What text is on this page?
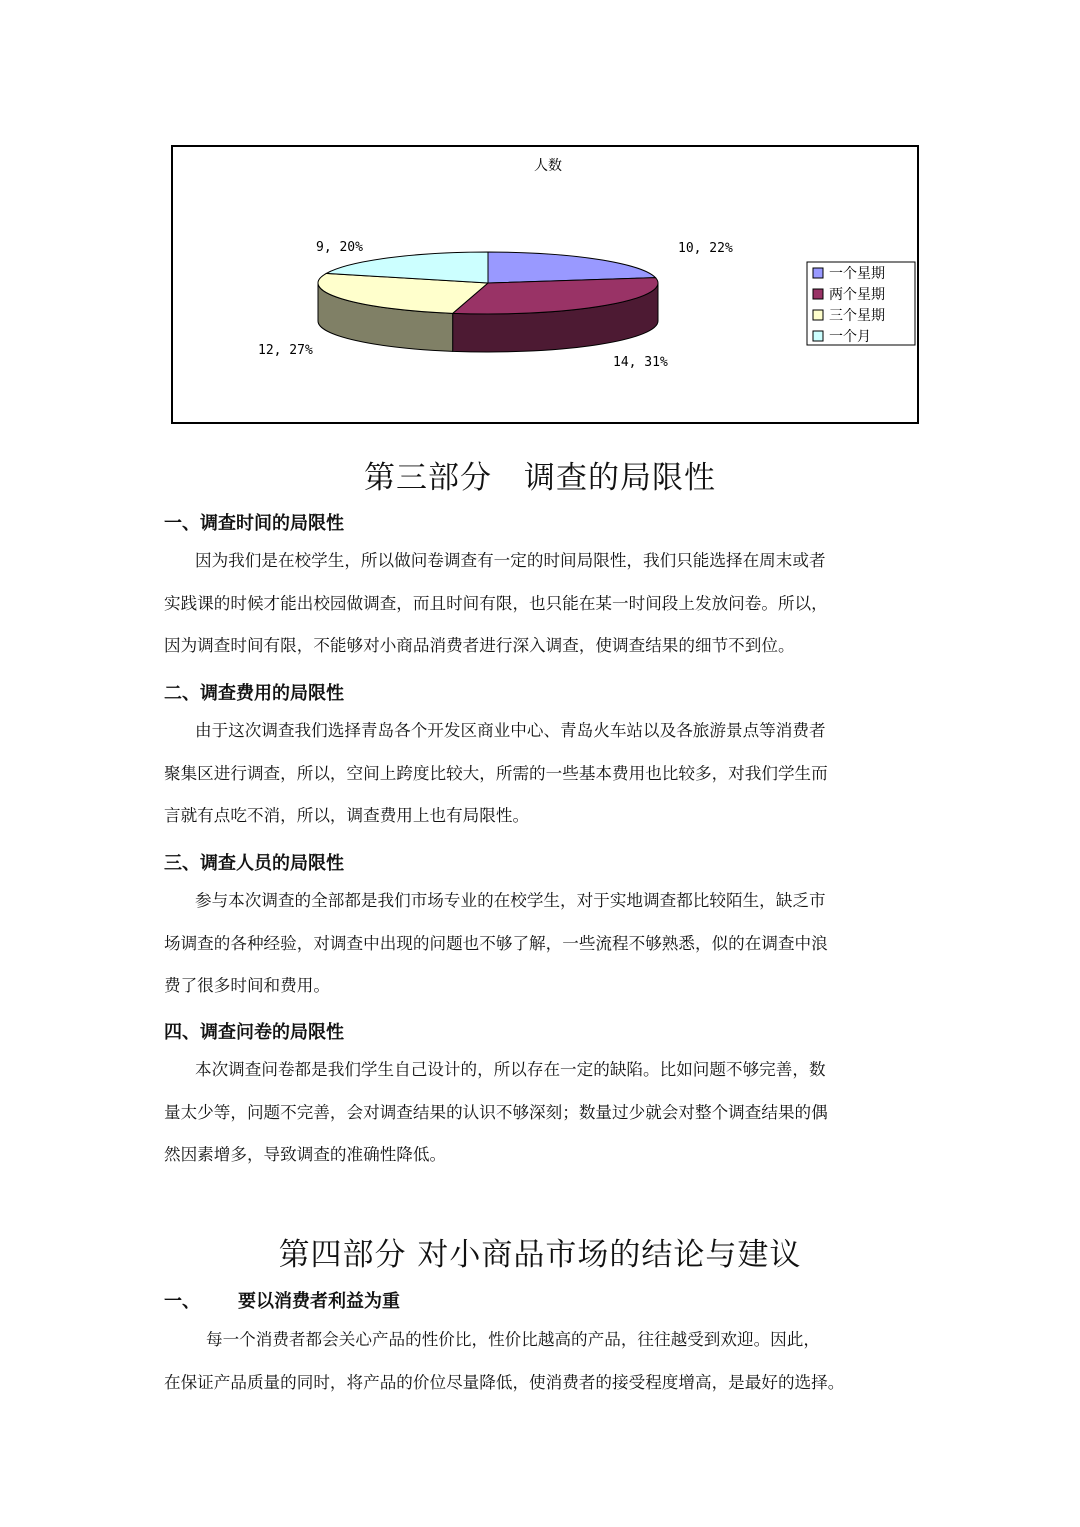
人数
10, 22%
14, 31%
12, 27%
9, 20%
一个星期
两个星期
三个星期
一个月
第三部分　调查的局限性
一、调查时间的局限性
因为我们是在校学生，所以做问卷调查有一定的时间局限性，我们只能选择在周末或者
实践课的时候才能出校园做调查，而且时间有限，也只能在某一时间段上发放问卷。所以，
因为调查时间有限，不能够对小商品消费者进行深入调查，使调查结果的细节不到位。
二、调查费用的局限性
由于这次调查我们选择青岛各个开发区商业中心、青岛火车站以及各旅游景点等消费者
聚集区进行调查，所以，空间上跨度比较大，所需的一些基本费用也比较多，对我们学生而
言就有点吃不消，所以，调查费用上也有局限性。
三、调查人员的局限性
参与本次调查的全部都是我们市场专业的在校学生，对于实地调查都比较陌生，缺乏市
场调查的各种经验，对调查中出现的问题也不够了解，一些流程不够熟悉，似的在调查中浪
费了很多时间和费用。
四、调查问卷的局限性
本次调查问卷都是我们学生自己设计的，所以存在一定的缺陷。比如问题不够完善，数
量太少等，问题不完善，会对调查结果的认识不够深刻；数量过少就会对整个调查结果的偶
然因素增多，导致调查的准确性降低。
第四部分 对小商品市场的结论与建议
一、 要以消费者利益为重
每一个消费者都会关心产品的性价比，性价比越高的产品，往往越受到欢迎。因此，
在保证产品质量的同时，将产品的价位尽量降低，使消费者的接受程度增高，是最好的选择。
